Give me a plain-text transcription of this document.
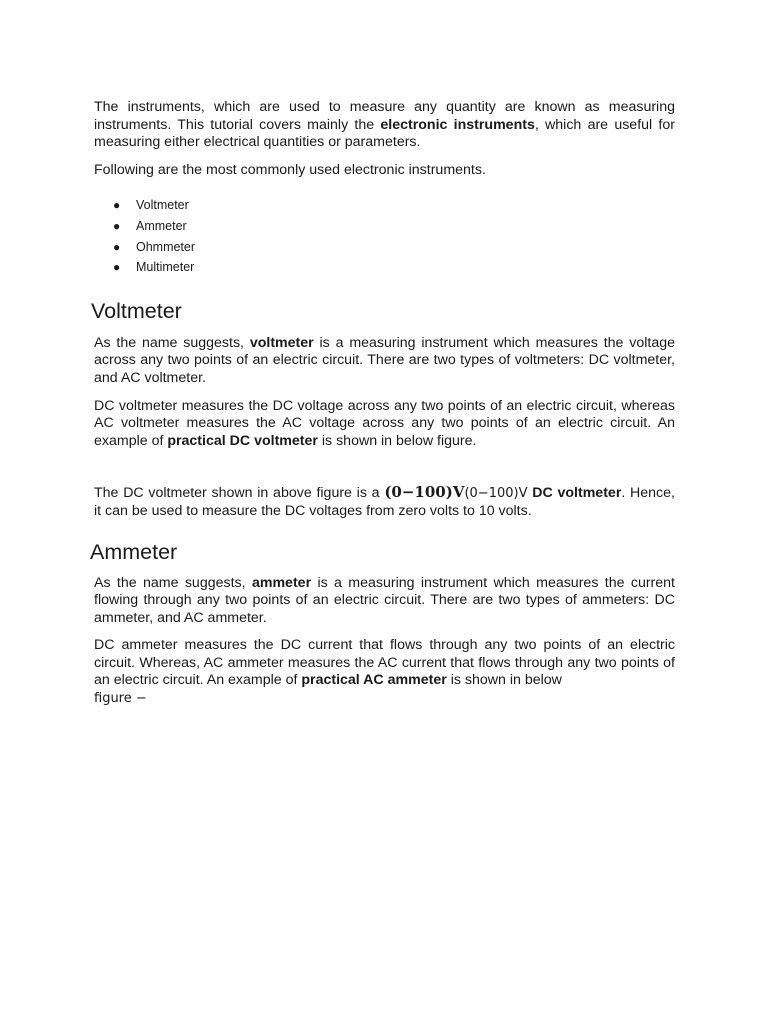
The instruments, which are used to measure any quantity are known as measuring instruments. This tutorial covers mainly the electronic instruments, which are useful for measuring either electrical quantities or parameters.

Following are the most commonly used electronic instruments.

● Voltmeter
● Ammeter
● Ohmmeter
● Multimeter
Voltmeter

As the name suggests, voltmeter is a measuring instrument which measures the voltage across any two points of an electric circuit. There are two types of voltmeters: DC voltmeter, and AC voltmeter.

DC voltmeter measures the DC voltage across any two points of an electric circuit, whereas AC voltmeter measures the AC voltage across any two points of an electric circuit. An example of practical DC voltmeter is shown in below figure.

The DC voltmeter shown in above figure is a (0−100)V(0−100)V DC voltmeter. Hence, it can be used to measure the DC voltages from zero volts to 10 volts.

Ammeter

As the name suggests, ammeter is a measuring instrument which measures the current flowing through any two points of an electric circuit. There are two types of ammeters: DC ammeter, and AC ammeter.

DC ammeter measures the DC current that flows through any two points of an electric circuit. Whereas, AC ammeter measures the AC current that flows through any two points of an electric circuit. An example of practical AC ammeter is shown in below
figure −
